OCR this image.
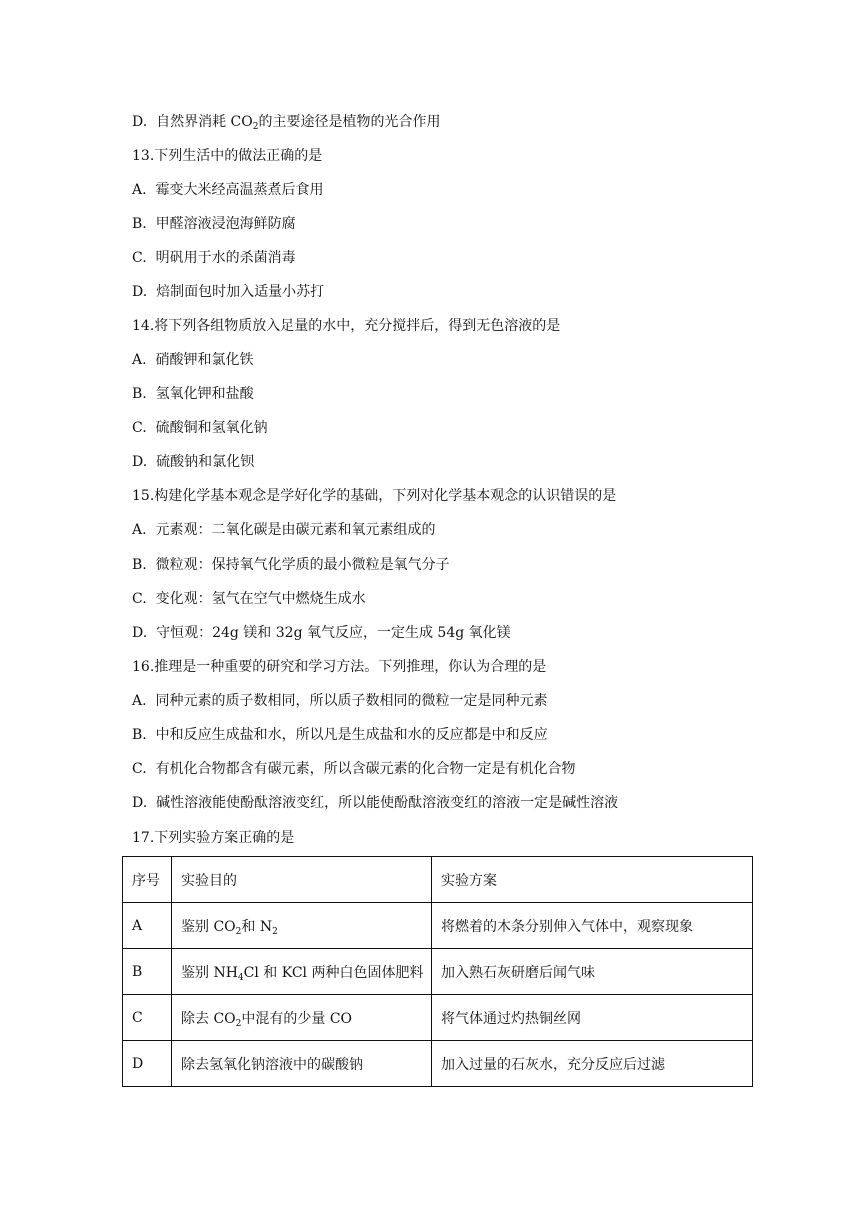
D.  自然界消耗 $CO_2$的主要途径是植物的光合作用
13.下列生活中的做法正确的是
A.  霉变大米经高温蒸煮后食用
B.  甲醛溶液浸泡海鲜防腐
C.  明矾用于水的杀菌消毒
D.  焙制面包时加入适量小苏打
14.将下列各组物质放入足量的水中，充分搅拌后，得到无色溶液的是
A.  硝酸钾和氯化铁
B.  氢氧化钾和盐酸
C.  硫酸铜和氢氧化钠
D.  硫酸钠和氯化钡
15.构建化学基本观念是学好化学的基础，下列对化学基本观念的认识错误的是
A.  元素观：二氧化碳是由碳元素和氧元素组成的
B.  微粒观：保持氧气化学质的最小微粒是氧气分子
C.  变化观：氢气在空气中燃烧生成水
D.  守恒观：24g 镁和 32g 氧气反应，一定生成 54g 氧化镁
16.推理是一种重要的研究和学习方法。下列推理，你认为合理的是
A.  同种元素的质子数相同，所以质子数相同的微粒一定是同种元素
B.  中和反应生成盐和水，所以凡是生成盐和水的反应都是中和反应
C.  有机化合物都含有碳元素，所以含碳元素的化合物一定是有机化合物
D.  碱性溶液能使酚酞溶液变红，所以能使酚酞溶液变红的溶液一定是碱性溶液
17.下列实验方案正确的是
序号	实验目的	实验方案
A	鉴别 $CO_2$和 $N_2$	将燃着的木条分别伸入气体中，观察现象
B	鉴别 $NH_4Cl$ 和 KCl 两种白色固体肥料	加入熟石灰研磨后闻气味
C	除去 $CO_2$中混有的少量 CO	将气体通过灼热铜丝网
D	除去氢氧化钠溶液中的碳酸钠	加入过量的石灰水，充分反应后过滤
